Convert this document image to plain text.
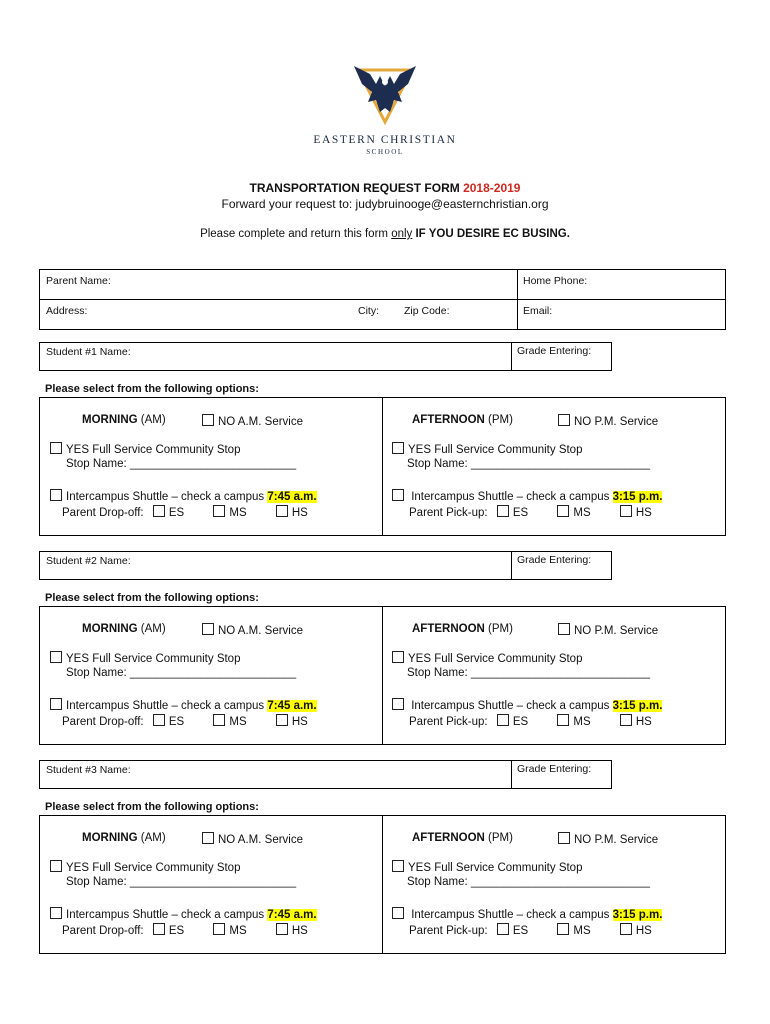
1892
EASTERN CHRISTIAN
SCHOOL
TRANSPORTATION REQUEST FORM 2018-2019
Forward your request to: judybruinooge@easternchristian.org
Please complete and return this form only IF YOU DESIRE EC BUSING.
Parent Name:	Home Phone:
Address:	City: Zip Code:	Email:
Student #1 Name:	Grade Entering:
Please select from the following options:
MORNING (AM)	NO A.M. Service	AFTERNOON (PM)	NO P.M. Service
YES Full Service Community Stop
Stop Name: __________________________
YES Full Service Community Stop
Stop Name: ____________________________
Intercampus Shuttle – check a campus 7:45 a.m.
Parent Drop-off: ES	MS	HS
Intercampus Shuttle – check a campus 3:15 p.m.
Parent Pick-up: ES	MS	HS
Student #2 Name:	Grade Entering:
Please select from the following options:
MORNING (AM)	NO A.M. Service	AFTERNOON (PM)	NO P.M. Service
YES Full Service Community Stop
Stop Name: __________________________
YES Full Service Community Stop
Stop Name: ____________________________
Intercampus Shuttle – check a campus 7:45 a.m.
Parent Drop-off: ES	MS	HS
Intercampus Shuttle – check a campus 3:15 p.m.
Parent Pick-up: ES	MS	HS
Student #3 Name:	Grade Entering:
Please select from the following options:
MORNING (AM)	NO A.M. Service	AFTERNOON (PM)	NO P.M. Service
YES Full Service Community Stop
Stop Name: __________________________
YES Full Service Community Stop
Stop Name: ____________________________
Intercampus Shuttle – check a campus 7:45 a.m.
Parent Drop-off: ES	MS	HS
Intercampus Shuttle – check a campus 3:15 p.m.
Parent Pick-up: ES	MS	HS
